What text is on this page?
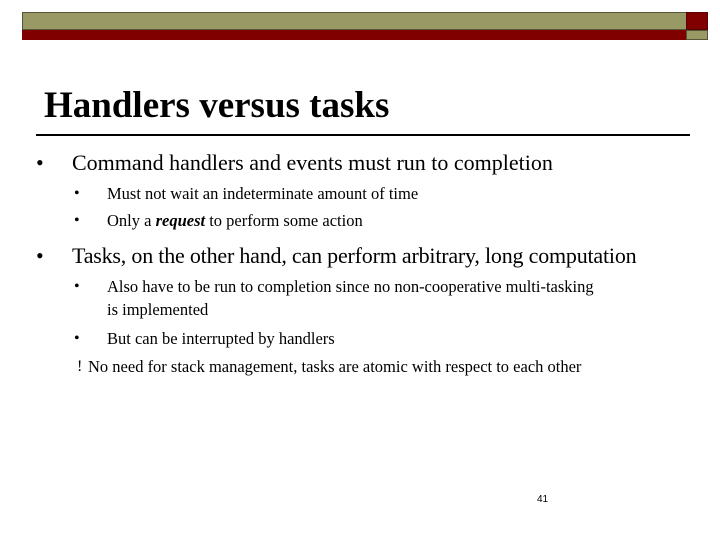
Handlers versus tasks
• Command handlers and events must run to completion
• Must not wait an indeterminate amount of time
• Only a request to perform some action
• Tasks, on the other hand, can perform arbitrary, long computation
• Also have to be run to completion since no non-cooperative multi-tasking
is implemented
• But can be interrupted by handlers
! No need for stack management, tasks are atomic with respect to each other
41
